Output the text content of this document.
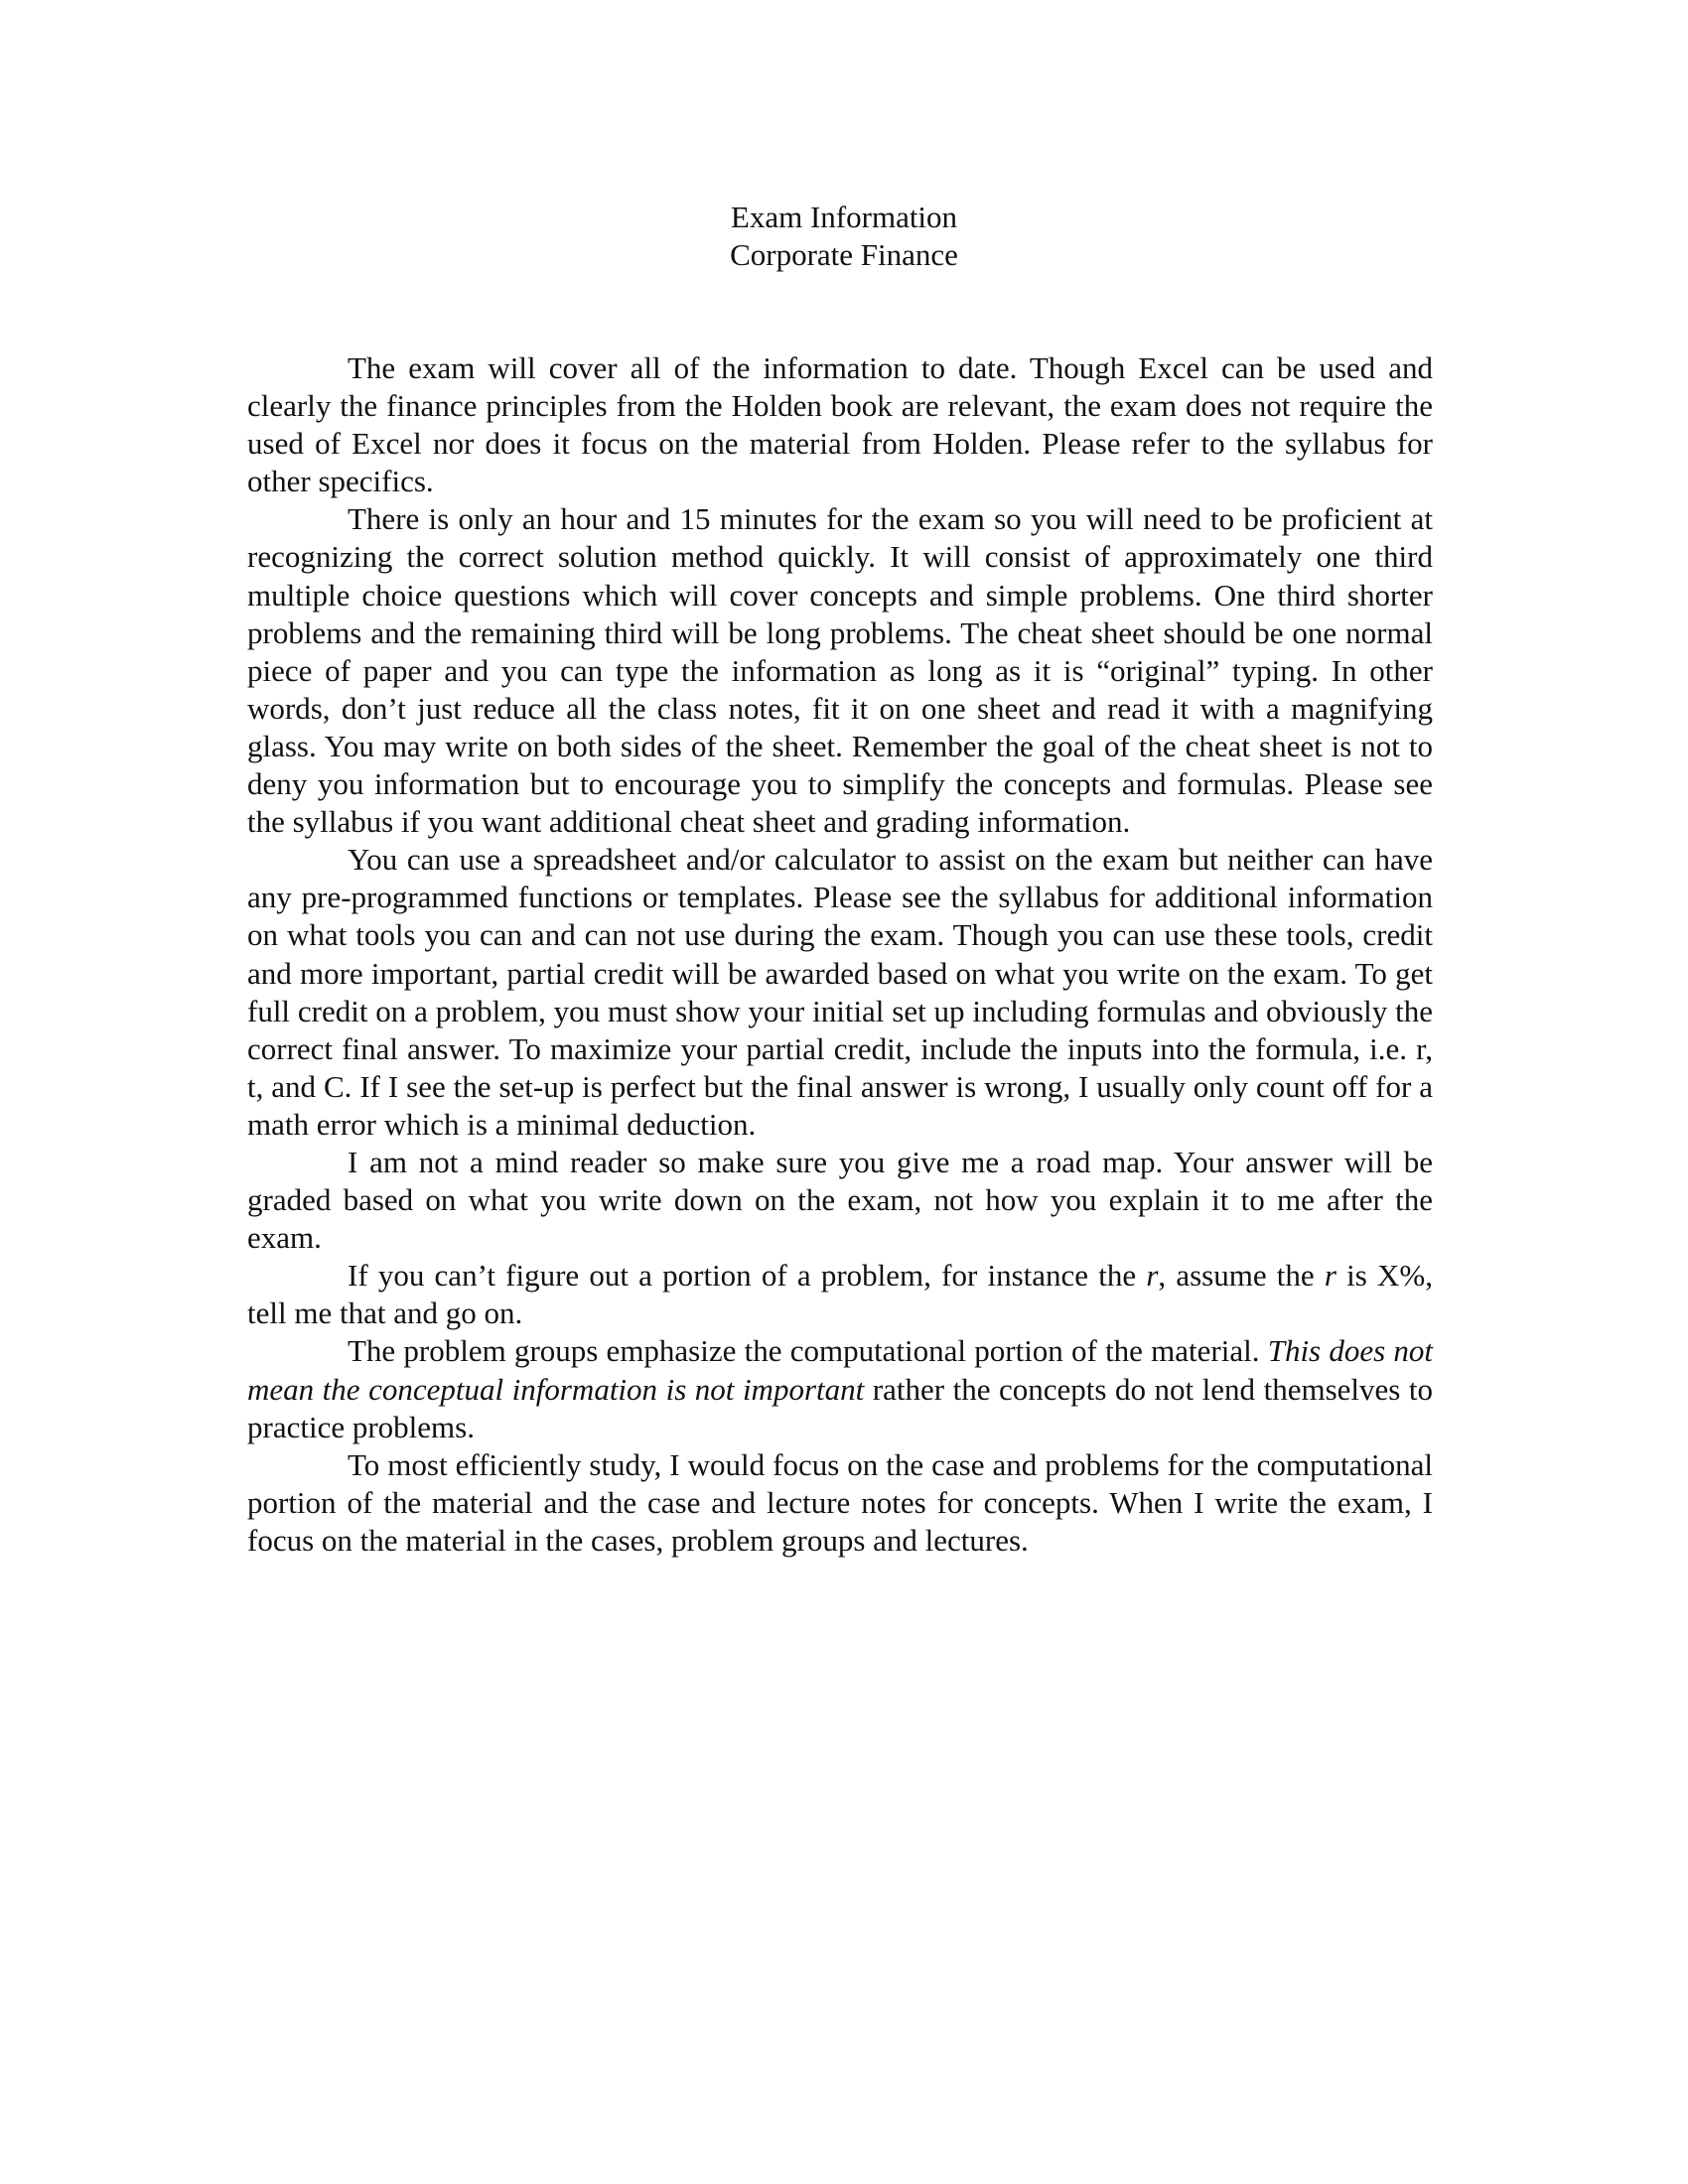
Exam Information
Corporate Finance

The exam will cover all of the information to date. Though Excel can be used and clearly the finance principles from the Holden book are relevant, the exam does not require the used of Excel nor does it focus on the material from Holden. Please refer to the syllabus for other specifics.

There is only an hour and 15 minutes for the exam so you will need to be proficient at recognizing the correct solution method quickly. It will consist of approximately one third multiple choice questions which will cover concepts and simple problems. One third shorter problems and the remaining third will be long problems. The cheat sheet should be one normal piece of paper and you can type the information as long as it is “original” typing. In other words, don’t just reduce all the class notes, fit it on one sheet and read it with a magnifying glass. You may write on both sides of the sheet. Remember the goal of the cheat sheet is not to deny you information but to encourage you to simplify the concepts and formulas. Please see the syllabus if you want additional cheat sheet and grading information.

You can use a spreadsheet and/or calculator to assist on the exam but neither can have any pre-programmed functions or templates. Please see the syllabus for additional information on what tools you can and can not use during the exam. Though you can use these tools, credit and more important, partial credit will be awarded based on what you write on the exam. To get full credit on a problem, you must show your initial set up including formulas and obviously the correct final answer. To maximize your partial credit, include the inputs into the formula, i.e. r, t, and C. If I see the set-up is perfect but the final answer is wrong, I usually only count off for a math error which is a minimal deduction.

I am not a mind reader so make sure you give me a road map. Your answer will be graded based on what you write down on the exam, not how you explain it to me after the exam.

If you can’t figure out a portion of a problem, for instance the r, assume the r is X%, tell me that and go on.

The problem groups emphasize the computational portion of the material. This does not mean the conceptual information is not important rather the concepts do not lend themselves to practice problems.

To most efficiently study, I would focus on the case and problems for the computational portion of the material and the case and lecture notes for concepts. When I write the exam, I focus on the material in the cases, problem groups and lectures.
